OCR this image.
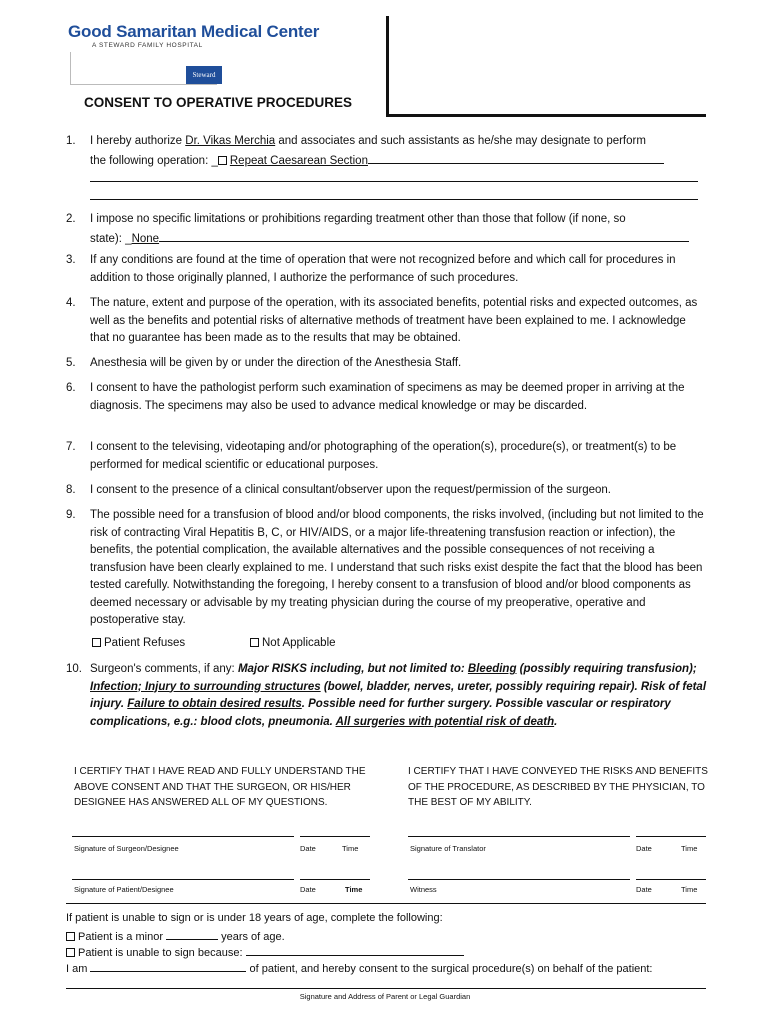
Good Samaritan Medical Center
A STEWARD FAMILY HOSPITAL
Steward
CONSENT TO OPERATIVE PROCEDURES
1.	I hereby authorize Dr. Vikas Merchia and associates and such assistants as he/she may designate to perform
the following operation: _ Repeat Caesarean Section
2.	I impose no specific limitations or prohibitions regarding treatment other than those that follow (if none, so
state): _None
3.	If any conditions are found at the time of operation that were not recognized before and which call for procedures in addition to those originally planned, I authorize the performance of such procedures.
4.	The nature, extent and purpose of the operation, with its associated benefits, potential risks and expected outcomes, as well as the benefits and potential risks of alternative methods of treatment have been explained to me. I acknowledge that no guarantee has been made as to the results that may be obtained.
5.	Anesthesia will be given by or under the direction of the Anesthesia Staff.
6.	I consent to have the pathologist perform such examination of specimens as may be deemed proper in arriving at the diagnosis. The specimens may also be used to advance medical knowledge or may be discarded.
7.	I consent to the televising, videotaping and/or photographing of the operation(s), procedure(s), or treatment(s) to be performed for medical scientific or educational purposes.
8.	I consent to the presence of a clinical consultant/observer upon the request/permission of the surgeon.
9.	The possible need for a transfusion of blood and/or blood components, the risks involved, (including but not limited to the risk of contracting Viral Hepatitis B, C, or HIV/AIDS, or a major life-threatening transfusion reaction or infection), the benefits, the potential complication, the available alternatives and the possible consequences of not receiving a transfusion have been clearly explained to me. I understand that such risks exist despite the fact that the blood has been tested carefully. Notwithstanding the foregoing, I hereby consent to a transfusion of blood and/or blood components as deemed necessary or advisable by my treating physician during the course of my preoperative, operative and postoperative stay.
Patient Refuses	Not Applicable
10. Surgeon's comments, if any: Major RISKS including, but not limited to: Bleeding (possibly requiring transfusion); Infection; Injury to surrounding structures (bowel, bladder, nerves, ureter, possibly requiring repair). Risk of fetal injury. Failure to obtain desired results. Possible need for further surgery. Possible vascular or respiratory complications, e.g.: blood clots, pneumonia. All surgeries with potential risk of death.
I CERTIFY THAT I HAVE READ AND FULLY UNDERSTAND THE ABOVE CONSENT AND THAT THE SURGEON, OR HIS/HER DESIGNEE HAS ANSWERED ALL OF MY QUESTIONS.
I CERTIFY THAT I HAVE CONVEYED THE RISKS AND BENEFITS OF THE PROCEDURE, AS DESCRIBED BY THE PHYSICIAN, TO THE BEST OF MY ABILITY.
Signature of Surgeon/Designee	Date	Time	Signature of Translator	Date	Time
Signature of Patient/Designee	Date	Time	Witness	Date	Time
If patient is unable to sign or is under 18 years of age, complete the following:
Patient is a minor	years of age.
Patient is unable to sign because:
I am	of patient, and hereby consent to the surgical procedure(s) on behalf of the patient:
Signature and Address of Parent or Legal Guardian
